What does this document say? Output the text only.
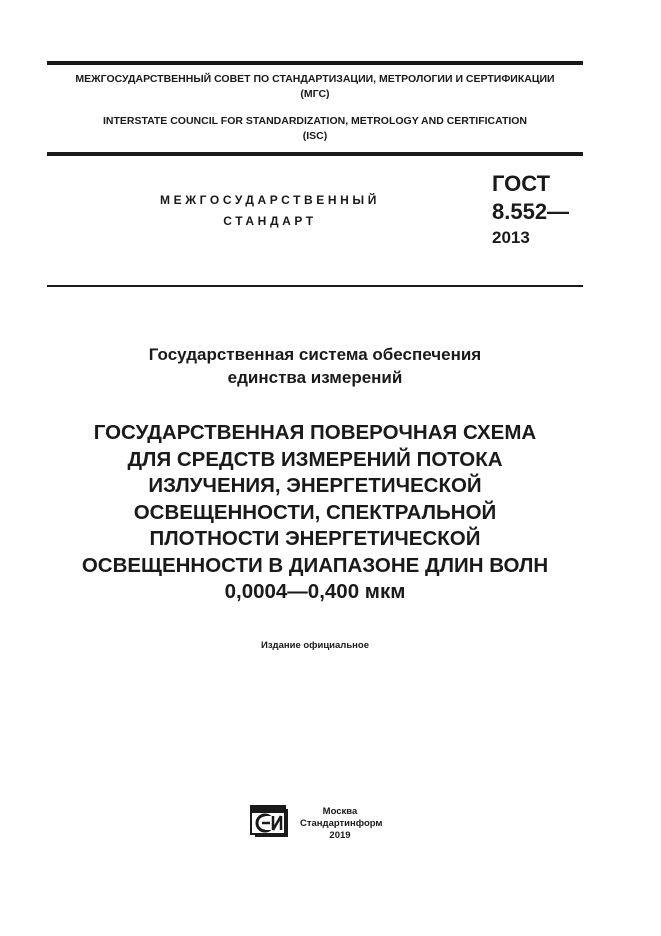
МЕЖГОСУДАРСТВЕННЫЙ СОВЕТ ПО СТАНДАРТИЗАЦИИ, МЕТРОЛОГИИ И СЕРТИФИКАЦИИ
(МГС)
INTERSTATE COUNCIL FOR STANDARDIZATION, METROLOGY AND CERTIFICATION
(ISC)
МЕЖГОСУДАРСТВЕННЫЙ
СТАНДАРТ
ГОСТ
8.552—
2013
Государственная система обеспечения
единства измерений
ГОСУДАРСТВЕННАЯ ПОВЕРОЧНАЯ СХЕМА
ДЛЯ СРЕДСТВ ИЗМЕРЕНИЙ ПОТОКА
ИЗЛУЧЕНИЯ, ЭНЕРГЕТИЧЕСКОЙ
ОСВЕЩЕННОСТИ, СПЕКТРАЛЬНОЙ
ПЛОТНОСТИ ЭНЕРГЕТИЧЕСКОЙ
ОСВЕЩЕННОСТИ В ДИАПАЗОНЕ ДЛИН ВОЛН
0,0004—0,400 мкм
Издание официальное
Москва
Стандартинформ
2019
